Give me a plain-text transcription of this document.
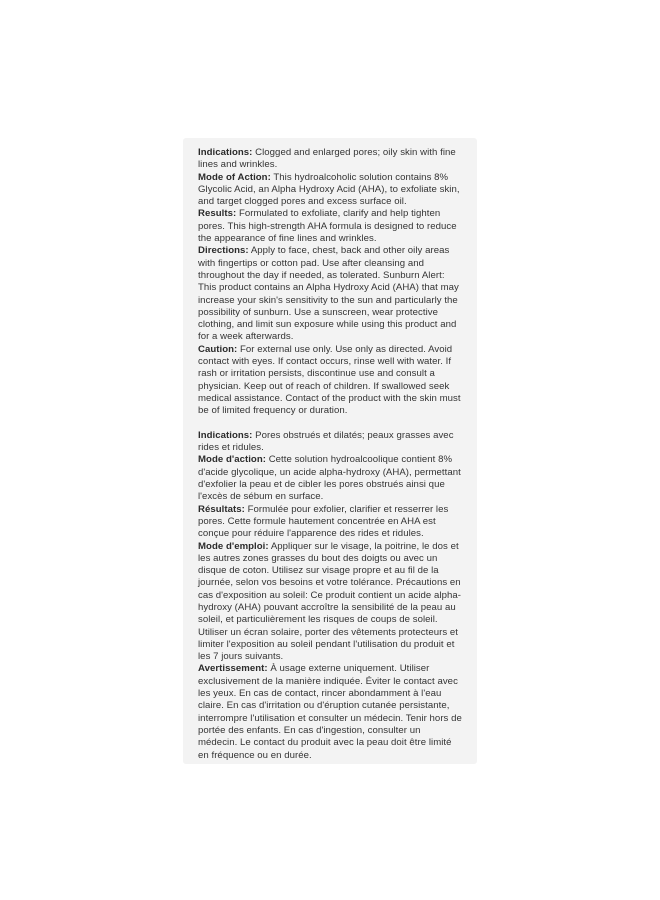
Indications: Clogged and enlarged pores; oily skin with fine lines and wrinkles.
Mode of Action: This hydroalcoholic solution contains 8% Glycolic Acid, an Alpha Hydroxy Acid (AHA), to exfoliate skin, and target clogged pores and excess surface oil.
Results: Formulated to exfoliate, clarify and help tighten pores. This high-strength AHA formula is designed to reduce the appearance of fine lines and wrinkles.
Directions: Apply to face, chest, back and other oily areas with fingertips or cotton pad. Use after cleansing and throughout the day if needed, as tolerated. Sunburn Alert: This product contains an Alpha Hydroxy Acid (AHA) that may increase your skin's sensitivity to the sun and particularly the possibility of sunburn. Use a sunscreen, wear protective clothing, and limit sun exposure while using this product and for a week afterwards.
Caution: For external use only. Use only as directed. Avoid contact with eyes. If contact occurs, rinse well with water. If rash or irritation persists, discontinue use and consult a physician. Keep out of reach of children. If swallowed seek medical assistance. Contact of the product with the skin must be of limited frequency or duration.
Indications: Pores obstrués et dilatés; peaux grasses avec rides et ridules.
Mode d'action: Cette solution hydroalcoolique contient 8% d'acide glycolique, un acide alpha-hydroxy (AHA), permettant d'exfolier la peau et de cibler les pores obstrués ainsi que l'excès de sébum en surface.
Résultats: Formulée pour exfolier, clarifier et resserrer les pores. Cette formule hautement concentrée en AHA est conçue pour réduire l'apparence des rides et ridules.
Mode d'emploi: Appliquer sur le visage, la poitrine, le dos et les autres zones grasses du bout des doigts ou avec un disque de coton. Utilisez sur visage propre et au fil de la journée, selon vos besoins et votre tolérance. Précautions en cas d'exposition au soleil: Ce produit contient un acide alpha-hydroxy (AHA) pouvant accroître la sensibilité de la peau au soleil, et particulièrement les risques de coups de soleil. Utiliser un écran solaire, porter des vêtements protecteurs et limiter l'exposition au soleil pendant l'utilisation du produit et les 7 jours suivants.
Avertissement: À usage externe uniquement. Utiliser exclusivement de la manière indiquée. Éviter le contact avec les yeux. En cas de contact, rincer abondamment à l'eau claire. En cas d'irritation ou d'éruption cutanée persistante, interrompre l'utilisation et consulter un médecin. Tenir hors de portée des enfants. En cas d'ingestion, consulter un médecin. Le contact du produit avec la peau doit être limité en fréquence ou en durée.
